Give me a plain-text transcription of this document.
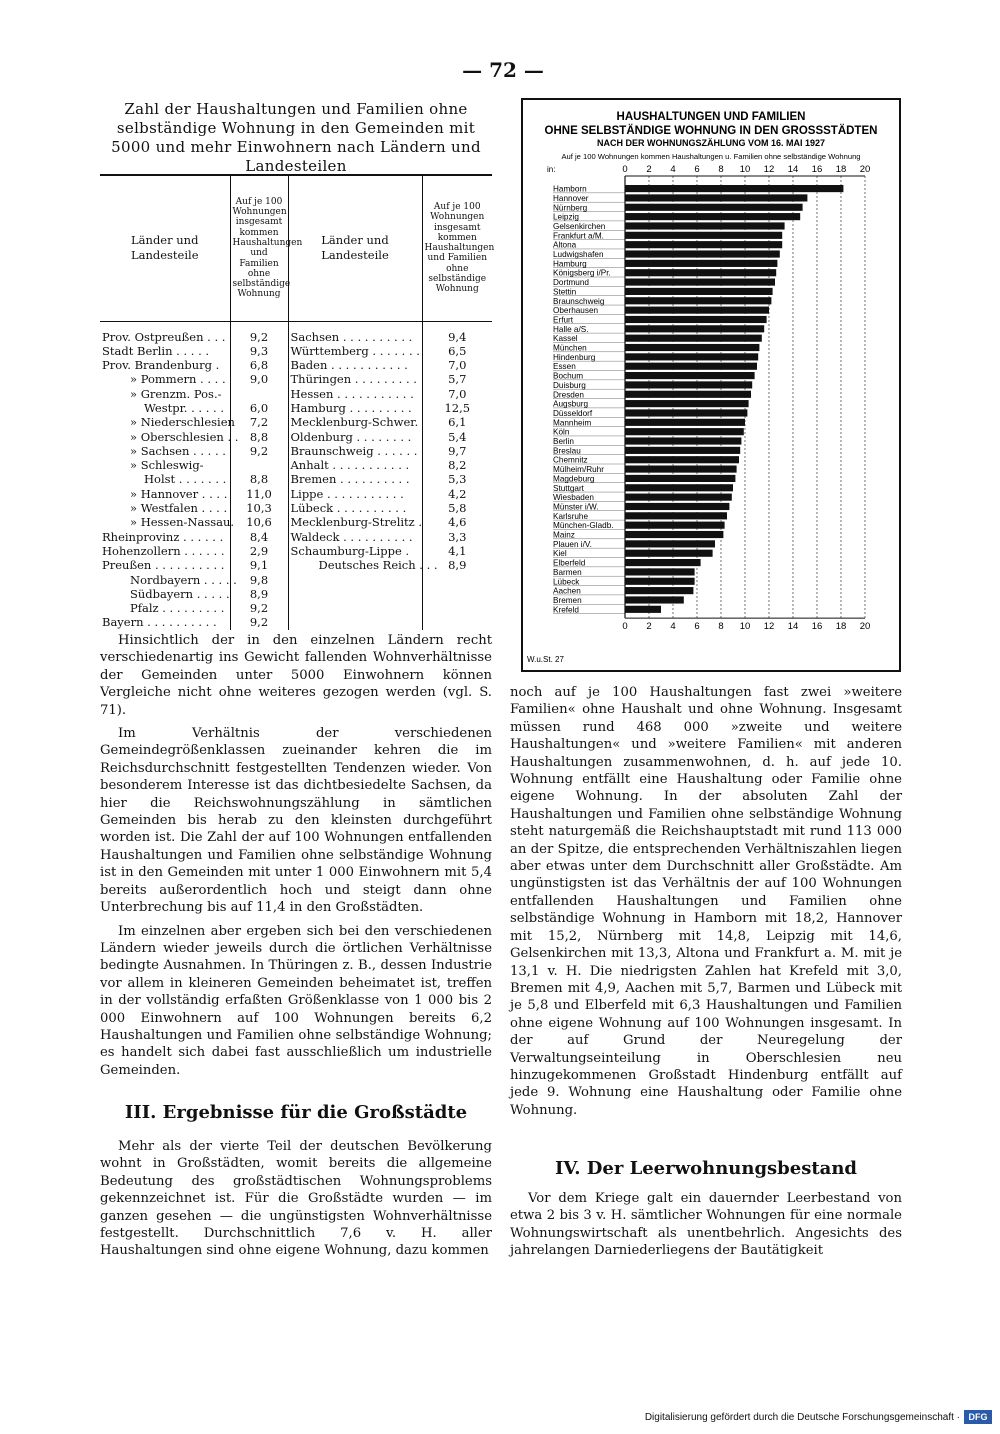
— 72 —
Zahl der Haushaltungen und Familien ohne selbständige Wohnung in den Gemeinden mit 5000 und mehr Einwohnern nach Ländern und Landesteilen
Länder und Landesteile	Auf je 100 Wohnungen insgesamt kommen Haushaltungen und Familien ohne selbständige Wohnung	Länder und Landesteile	Auf je 100 Wohnungen insgesamt kommen Haushaltungen und Familien ohne selbständige Wohnung

Prov. Ostpreußen . . .	9,2	Sachsen . . . . . . . . . .	9,4
Stadt Berlin . . . . .	9,3	Württemberg . . . . . . .	6,5
Prov. Brandenburg .	6,8	Baden . . . . . . . . . . .	7,0
» Pommern . . . .	9,0	Thüringen . . . . . . . . .	5,7
» Grenzm. Pos.-		Hessen . . . . . . . . . . .	7,0
Westpr. . . . . .	6,0	Hamburg . . . . . . . . .	12,5
» Niederschlesien	7,2	Mecklenburg-Schwer.	6,1
» Oberschlesien . .	8,8	Oldenburg . . . . . . . .	5,4
» Sachsen . . . . .	9,2	Braunschweig . . . . . .	9,7
» Schleswig-		Anhalt . . . . . . . . . . .	8,2
Holst . . . . . . .	8,8	Bremen . . . . . . . . . .	5,3
» Hannover . . . .	11,0	Lippe . . . . . . . . . . .	4,2
» Westfalen . . . .	10,3	Lübeck . . . . . . . . . .	5,8
» Hessen-Nassau.	10,6	Mecklenburg-Strelitz .	4,6
Rheinprovinz . . . . . .	8,4	Waldeck . . . . . . . . . .	3,3
Hohenzollern . . . . . .	2,9	Schaumburg-Lippe .	4,1
Preußen . . . . . . . . . .	9,1	Deutsches Reich . . .	8,9
Nordbayern . . . . .	9,8		
Südbayern . . . . .	8,9		
Pfalz . . . . . . . . .	9,2		
Bayern . . . . . . . . . .	9,2		

Hinsichtlich der in den einzelnen Ländern recht verschiedenartig ins Gewicht fallenden Wohnverhältnisse der Gemeinden unter 5000 Einwohnern können Vergleiche nicht ohne weiteres gezogen werden (vgl. S. 71).

Im Verhältnis der verschiedenen Gemeindegrößenklassen zueinander kehren die im Reichsdurchschnitt festgestellten Tendenzen wieder. Von besonderem Interesse ist das dichtbesiedelte Sachsen, da hier die Reichswohnungszählung in sämtlichen Gemeinden bis herab zu den kleinsten durchgeführt worden ist. Die Zahl der auf 100 Wohnungen entfallenden Haushaltungen und Familien ohne selbständige Wohnung ist in den Gemeinden mit unter 1 000 Einwohnern mit 5,4 bereits außerordentlich hoch und steigt dann ohne Unterbrechung bis auf 11,4 in den Großstädten.

Im einzelnen aber ergeben sich bei den verschiedenen Ländern wieder jeweils durch die örtlichen Verhältnisse bedingte Ausnahmen. In Thüringen z. B., dessen Industrie vor allem in kleineren Gemeinden beheimatet ist, treffen in der vollständig erfaßten Größenklasse von 1 000 bis 2 000 Einwohnern auf 100 Wohnungen bereits 6,2 Haushaltungen und Familien ohne selbständige Wohnung; es handelt sich dabei fast ausschließlich um industrielle Gemeinden.

III. Ergebnisse für die Großstädte

Mehr als der vierte Teil der deutschen Bevölkerung wohnt in Großstädten, womit bereits die allgemeine Bedeutung des großstädtischen Wohnungsproblems gekennzeichnet ist. Für die Großstädte wurden — im ganzen gesehen — die ungünstigsten Wohnverhältnisse festgestellt. Durchschnittlich 7,6 v. H. aller Haushaltungen sind ohne eigene Wohnung, dazu kommen

HAUSHALTUNGEN UND FAMILIEN
OHNE SELBSTÄNDIGE WOHNUNG IN DEN GROSSSTÄDTEN
NACH DER WOHNUNGSZÄHLUNG VOM 16. MAI 1927
Auf je 100 Wohnungen kommen Haushaltungen u. Familien ohne selbständige Wohnung
in:
Hamborn
Hannover
Nürnberg
Leipzig
Gelsenkirchen
Frankfurt a/M.
Altona
Ludwigshafen
Hamburg
Königsberg i/Pr.
Dortmund
Stettin
Braunschweig
Oberhausen
Erfurt
Halle a/S.
Kassel
München
Hindenburg
Essen
Bochum
Duisburg
Dresden
Augsburg
Düsseldorf
Mannheim
Köln
Berlin
Breslau
Chemnitz
Mülheim/Ruhr
Magdeburg
Stuttgart
Wiesbaden
Münster i/W.
Karlsruhe
München-Gladb.
Mainz
Plauen i/V.
Kiel
Elberfeld
Barmen
Lübeck
Aachen
Bremen
Krefeld
0
0
2
2
4
4
6
6
8
8
10
10
12
12
14
14
16
16
18
18
20
20
W.u.St. 27

noch auf je 100 Haushaltungen fast zwei »weitere Familien« ohne Haushalt und ohne Wohnung. Insgesamt müssen rund 468 000 »zweite und weitere Haushaltungen« und »weitere Familien« mit anderen Haushaltungen zusammenwohnen, d. h. auf jede 10. Wohnung entfällt eine Haushaltung oder Familie ohne eigene Wohnung. In der absoluten Zahl der Haushaltungen und Familien ohne selbständige Wohnung steht naturgemäß die Reichshauptstadt mit rund 113 000 an der Spitze, die entsprechenden Verhältniszahlen liegen aber etwas unter dem Durchschnitt aller Großstädte. Am ungünstigsten ist das Verhältnis der auf 100 Wohnungen entfallenden Haushaltungen und Familien ohne selbständige Wohnung in Hamborn mit 18,2, Hannover mit 15,2, Nürnberg mit 14,8, Leipzig mit 14,6, Gelsenkirchen mit 13,3, Altona und Frankfurt a. M. mit je 13,1 v. H. Die niedrigsten Zahlen hat Krefeld mit 3,0, Bremen mit 4,9, Aachen mit 5,7, Barmen und Lübeck mit je 5,8 und Elberfeld mit 6,3 Haushaltungen und Familien ohne eigene Wohnung auf 100 Wohnungen insgesamt. In der auf Grund der Neuregelung der Verwaltungseinteilung in Oberschlesien neu hinzugekommenen Großstadt Hindenburg entfällt auf jede 9. Wohnung eine Haushaltung oder Familie ohne Wohnung.

IV. Der Leerwohnungsbestand

Vor dem Kriege galt ein dauernder Leerbestand von etwa 2 bis 3 v. H. sämtlicher Wohnungen für eine normale Wohnungswirtschaft als unentbehrlich. Angesichts des jahrelangen Darniederliegens der Bautätigkeit

Digitalisierung gefördert durch die Deutsche Forschungsgemeinschaft · DFG
